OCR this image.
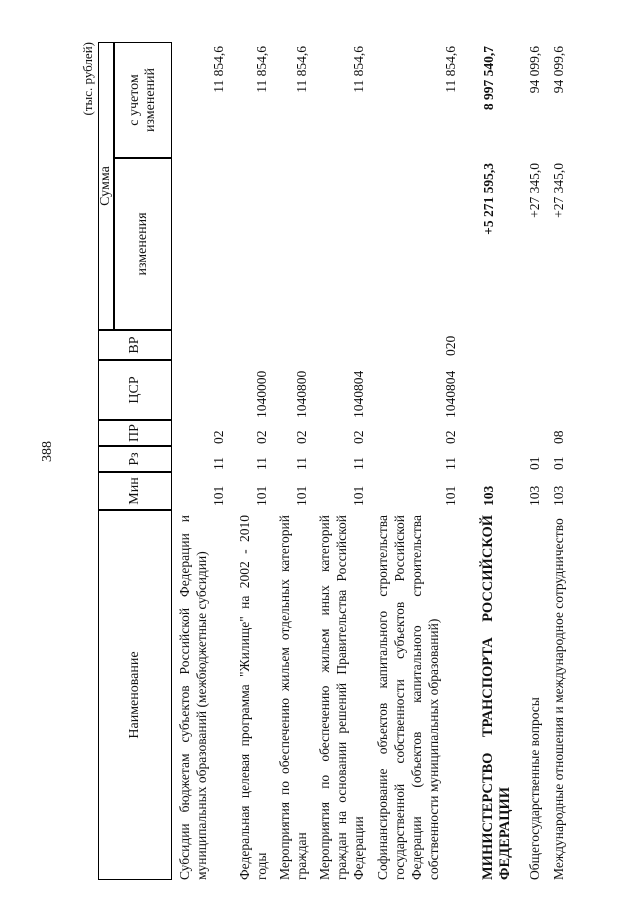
388
(тыс. рублей)
Наименование
Мин
Рз
ПР
ЦСР
ВР
Сумма
изменения
с учетом изменений
Субсидии бюджетам субъектов Российской Федерации и муниципальных образований (межбюджетные субсидии)
101
11
02
11 854,6
Федеральная целевая программа "Жилище" на 2002 - 2010 годы
101
11
02
1040000
11 854,6
Мероприятия по обеспечению жильем отдельных категорий граждан
101
11
02
1040800
11 854,6
Мероприятия по обеспечению жильем иных категорий граждан на основании решений Правительства Российской Федерации
101
11
02
1040804
11 854,6
Софинансирование объектов капитального строительства государственной собственности субъектов Российской Федерации (объектов капитального строительства собственности муниципальных образований)
101
11
02
1040804
020
11 854,6
МИНИСТЕРСТВО ТРАНСПОРТА РОССИЙСКОЙ ФЕДЕРАЦИИ
103
+5 271 595,3
8 997 540,7
Общегосударственные вопросы
103
01
+27 345,0
94 099,6
Международные отношения и международное сотрудничество
103
01
08
+27 345,0
94 099,6
